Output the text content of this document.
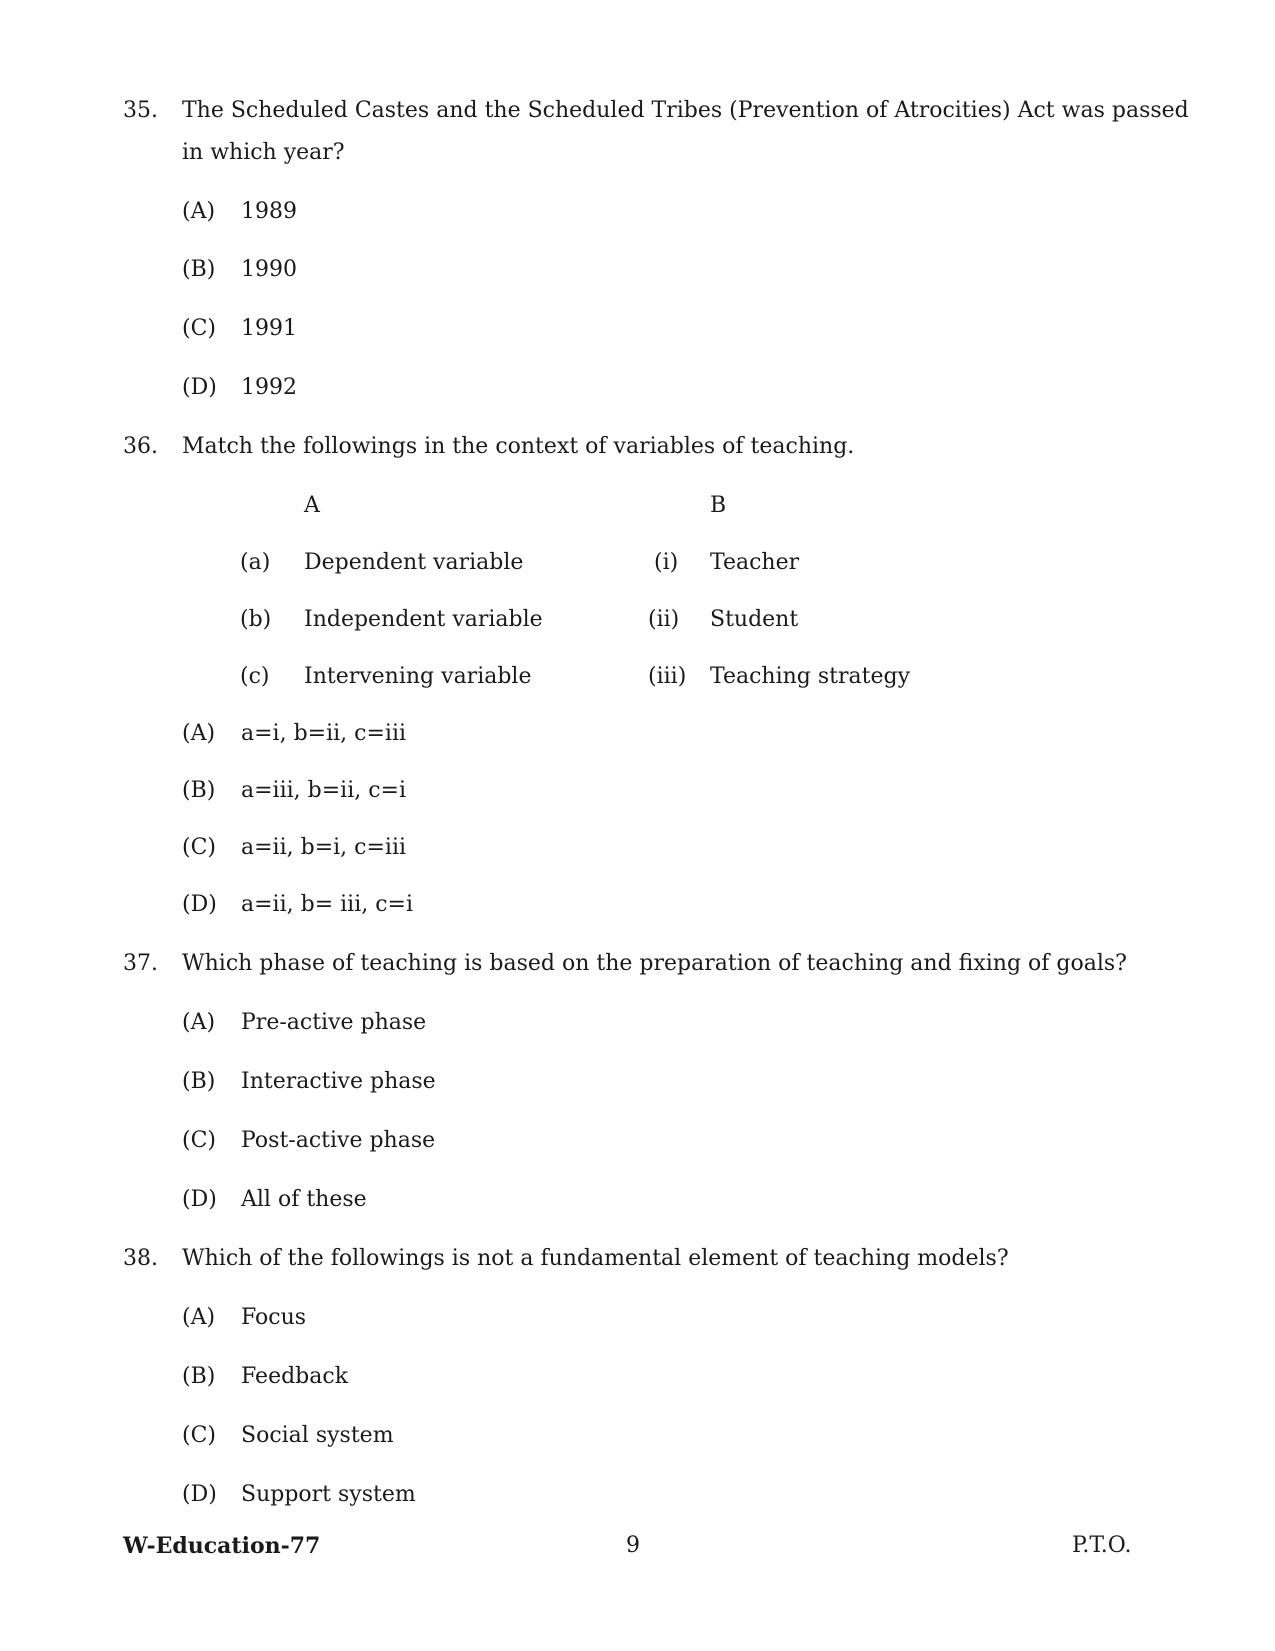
35. The Scheduled Castes and the Scheduled Tribes (Prevention of Atrocities) Act was passed
in which year?
(A) 1989
(B) 1990
(C) 1991
(D) 1992
36. Match the followings in the context of variables of teaching.
A	B
(a) Dependent variable	(i) Teacher
(b) Independent variable	(ii) Student
(c) Intervening variable	(iii) Teaching strategy
(A) a=i, b=ii, c=iii
(B) a=iii, b=ii, c=i
(C) a=ii, b=i, c=iii
(D) a=ii, b= iii, c=i
37. Which phase of teaching is based on the preparation of teaching and fixing of goals?
(A) Pre-active phase
(B) Interactive phase
(C) Post-active phase
(D) All of these
38. Which of the followings is not a fundamental element of teaching models?
(A) Focus
(B) Feedback
(C) Social system
(D) Support system
W-Education-77	9	P.T.O.
